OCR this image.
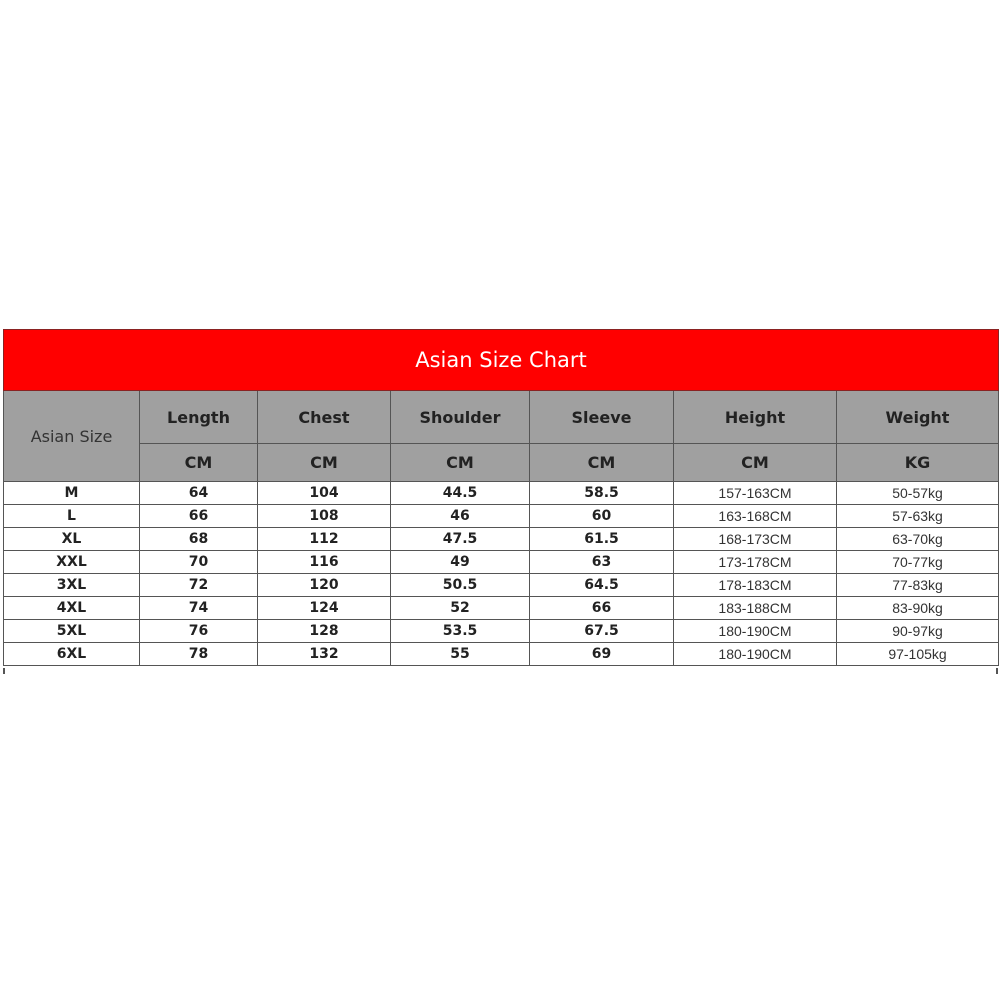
Asian Size Chart						
Asian Size	Length	Chest	Shoulder	Sleeve	Height	Weight
	CM	CM	CM	CM	CM	KG
M	64	104	44.5	58.5	157-163CM	50-57kg
L	66	108	46	60	163-168CM	57-63kg
XL	68	112	47.5	61.5	168-173CM	63-70kg
XXL	70	116	49	63	173-178CM	70-77kg
3XL	72	120	50.5	64.5	178-183CM	77-83kg
4XL	74	124	52	66	183-188CM	83-90kg
5XL	76	128	53.5	67.5	180-190CM	90-97kg
6XL	78	132	55	69	180-190CM	97-105kg
